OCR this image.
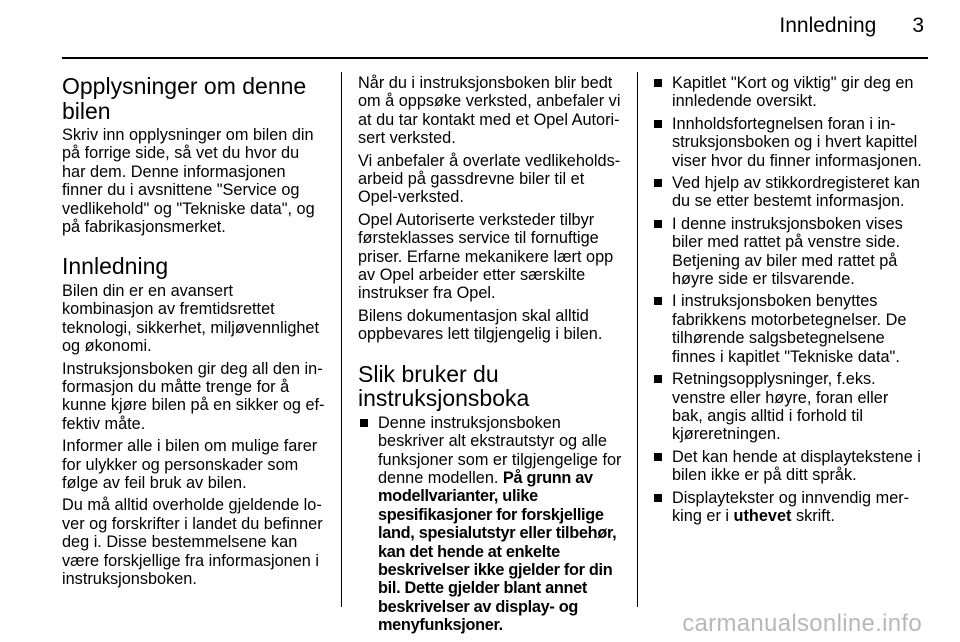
Innledning 3
Opplysninger om denne bilen

Skriv inn opplysninger om bilen din på forrige side, så vet du hvor du har dem. Denne informasjonen finner du i avsnittene "Service og vedlikehold" og "Tekniske data", og på fabrikasjonsmerket.

Innledning

Bilen din er en avansert kombinasjon av fremtidsrettet teknologi, sikkerhet, miljøvennlighet og økonomi.

Instruksjonsboken gir deg all den informasjon du måtte trenge for å kunne kjøre bilen på en sikker og effektiv måte.

Informer alle i bilen om mulige farer for ulykker og personskader som følge av feil bruk av bilen.

Du må alltid overholde gjeldende lover og forskrifter i landet du befinner deg i. Disse bestemmelsene kan være forskjellige fra informasjonen i instruksjonsboken.

Når du i instruksjonsboken blir bedt om å oppsøke verksted, anbefaler vi at du tar kontakt med et Opel Autorisert verksted.

Vi anbefaler å overlate vedlikeholdsarbeid på gassdrevne biler til et Opel-verksted.

Opel Autoriserte verksteder tilbyr førsteklasses service til fornuftige priser. Erfarne mekanikere lært opp av Opel arbeider etter særskilte instrukser fra Opel.

Bilens dokumentasjon skal alltid oppbevares lett tilgjengelig i bilen.

Slik bruker du instruksjonsboka
Denne instruksjonsboken beskriver alt ekstrautstyr og alle funksjoner som er tilgjengelige for denne modellen. På grunn av modellvarianter, ulike spesifikasjoner for forskjellige land, spesialutstyr eller tilbehør, kan det hende at enkelte beskrivelser ikke gjelder for din bil. Dette gjelder blant annet beskrivelser av display- og menyfunksjoner.
Kapitlet "Kort og viktig" gir deg en innledende oversikt.
Innholdsfortegnelsen foran i instruksjonsboken og i hvert kapittel viser hvor du finner informasjonen.
Ved hjelp av stikkordregisteret kan du se etter bestemt informasjon.
I denne instruksjonsboken vises biler med rattet på venstre side. Betjening av biler med rattet på høyre side er tilsvarende.
I instruksjonsboken benyttes fabrikkens motorbetegnelser. De tilhørende salgsbetegnelsene finnes i kapitlet "Tekniske data".
Retningsopplysninger, f.eks. venstre eller høyre, foran eller bak, angis alltid i forhold til kjøreretningen.
Det kan hende at displaytekstene i bilen ikke er på ditt språk.
Displaytekster og innvendig merking er i uthevet skrift.
carmanualsonline.info
